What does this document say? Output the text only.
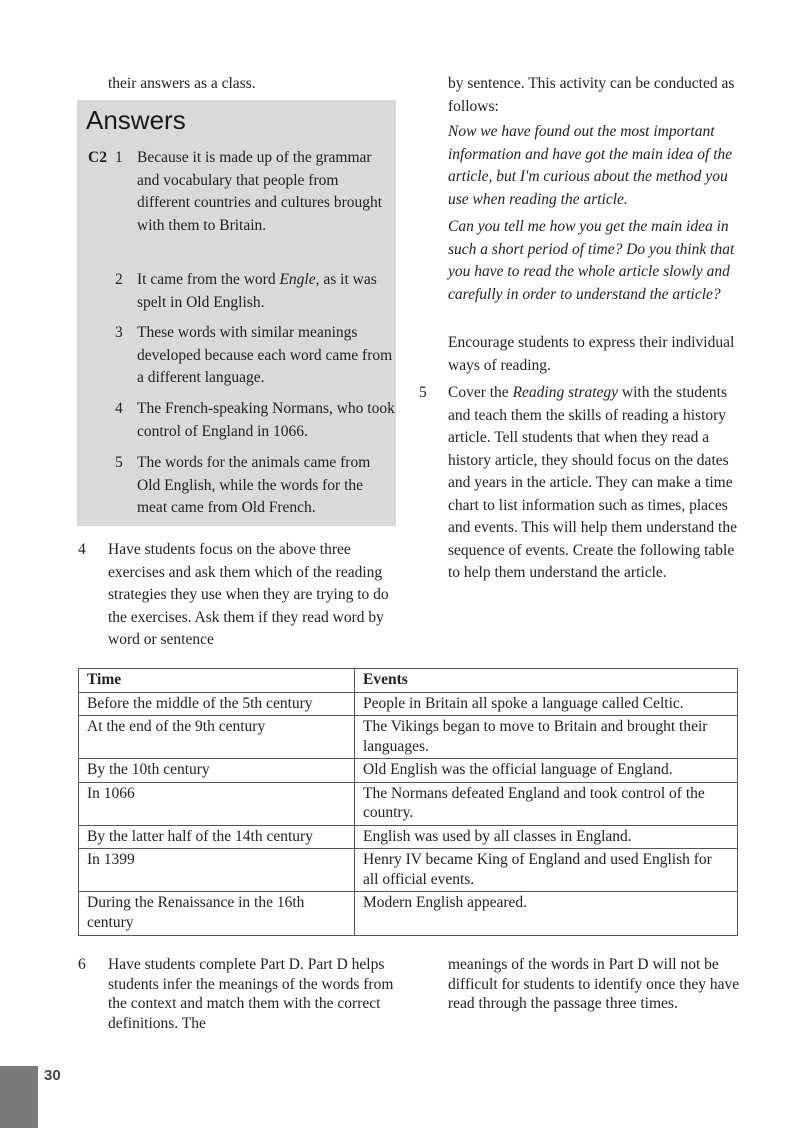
their answers as a class.

Answers
C2 1 Because it is made up of the grammar and vocabulary that people from different countries and cultures brought with them to Britain.

2 It came from the word Engle, as it was spelt in Old English.

3 These words with similar meanings developed because each word came from a different language.

4 The French-speaking Normans, who took control of England in 1066.

5 The words for the animals came from Old English, while the words for the meat came from Old French.

4 Have students focus on the above three exercises and ask them which of the reading strategies they use when they are trying to do the exercises. Ask them if they read word by word or sentence

by sentence. This activity can be conducted as follows:

Now we have found out the most important information and have got the main idea of the article, but I'm curious about the method you use when reading the article.

Can you tell me how you get the main idea in such a short period of time? Do you think that you have to read the whole article slowly and carefully in order to understand the article?

Encourage students to express their individual ways of reading.

5 Cover the Reading strategy with the students and teach them the skills of reading a history article. Tell students that when they read a history article, they should focus on the dates and years in the article. They can make a time chart to list information such as times, places and events. This will help them understand the sequence of events. Create the following table to help them understand the article.

Time	Events
Before the middle of the 5th century	People in Britain all spoke a language called Celtic.
At the end of the 9th century	The Vikings began to move to Britain and brought their languages.
By the 10th century	Old English was the official language of England.
In 1066	The Normans defeated England and took control of the country.
By the latter half of the 14th century	English was used by all classes in England.
In 1399	Henry IV became King of England and used English for all official events.
During the Renaissance in the 16th century	Modern English appeared.
6 Have students complete Part D. Part D helps students infer the meanings of the words from the context and match them with the correct definitions. The

meanings of the words in Part D will not be difficult for students to identify once they have read through the passage three times.

30
